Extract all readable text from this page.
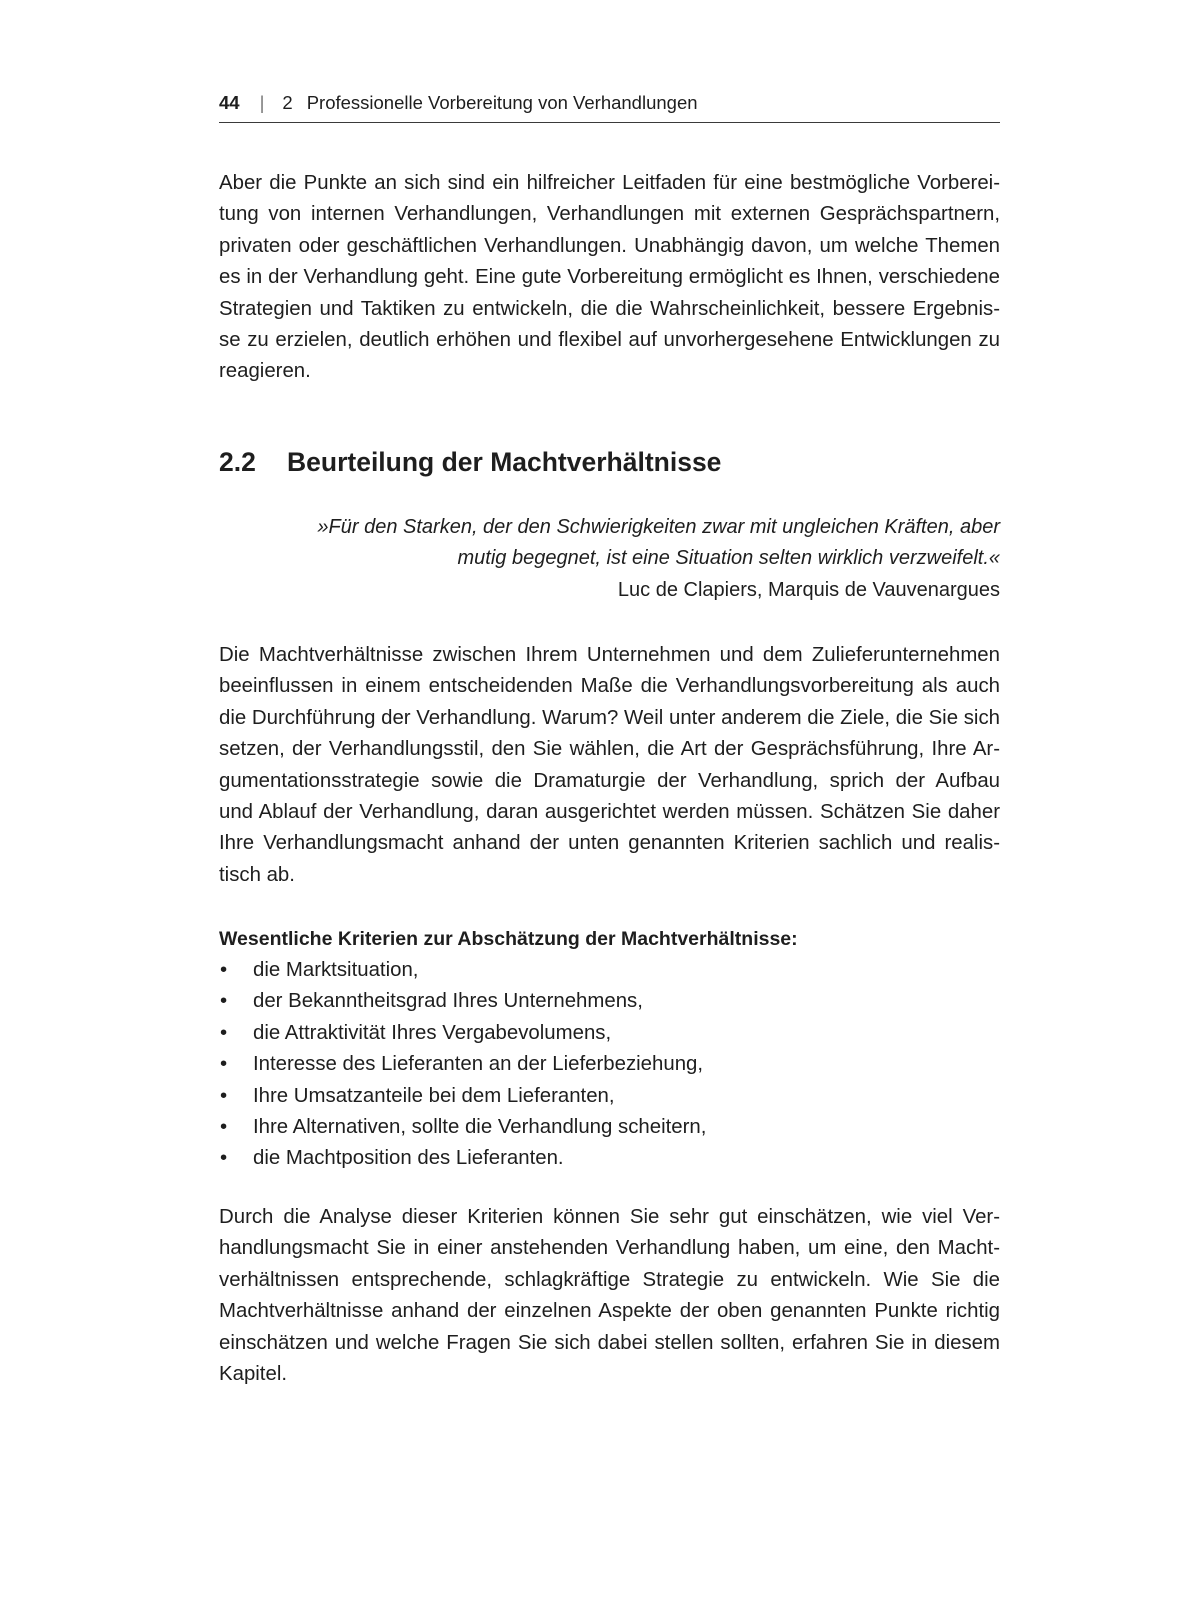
44 | 2 Professionelle Vorbereitung von Verhandlungen

Aber die Punkte an sich sind ein hilfreicher Leitfaden für eine bestmögliche Vorberei-
tung von internen Verhandlungen, Verhandlungen mit externen Gesprächspartnern,
privaten oder geschäftlichen Verhandlungen. Unabhängig davon, um welche Themen
es in der Verhandlung geht. Eine gute Vorbereitung ermöglicht es Ihnen, verschiedene
Strategien und Taktiken zu entwickeln, die die Wahrscheinlichkeit, bessere Ergebnis-
se zu erzielen, deutlich erhöhen und flexibel auf unvorhergesehene Entwicklungen zu
reagieren.

2.2 Beurteilung der Machtverhältnisse

»Für den Starken, der den Schwierigkeiten zwar mit ungleichen Kräften, aber
mutig begegnet, ist eine Situation selten wirklich verzweifelt.«

Luc de Clapiers, Marquis de Vauvenargues

Die Machtverhältnisse zwischen Ihrem Unternehmen und dem Zulieferunternehmen
beeinflussen in einem entscheidenden Maße die Verhandlungsvorbereitung als auch
die Durchführung der Verhandlung. Warum? Weil unter anderem die Ziele, die Sie sich
setzen, der Verhandlungsstil, den Sie wählen, die Art der Gesprächsführung, Ihre Ar-
gumentationsstrategie sowie die Dramaturgie der Verhandlung, sprich der Aufbau
und Ablauf der Verhandlung, daran ausgerichtet werden müssen. Schätzen Sie daher
Ihre Verhandlungsmacht anhand der unten genannten Kriterien sachlich und realis-
tisch ab.

Wesentliche Kriterien zur Abschätzung der Machtverhältnisse:

• die Marktsituation,
• der Bekanntheitsgrad Ihres Unternehmens,
• die Attraktivität Ihres Vergabevolumens,
• Interesse des Lieferanten an der Lieferbeziehung,
• Ihre Umsatzanteile bei dem Lieferanten,
• Ihre Alternativen, sollte die Verhandlung scheitern,
• die Machtposition des Lieferanten.

Durch die Analyse dieser Kriterien können Sie sehr gut einschätzen, wie viel Ver-
handlungsmacht Sie in einer anstehenden Verhandlung haben, um eine, den Macht-
verhältnissen entsprechende, schlagkräftige Strategie zu entwickeln. Wie Sie die
Machtverhältnisse anhand der einzelnen Aspekte der oben genannten Punkte richtig
einschätzen und welche Fragen Sie sich dabei stellen sollten, erfahren Sie in diesem
Kapitel.
